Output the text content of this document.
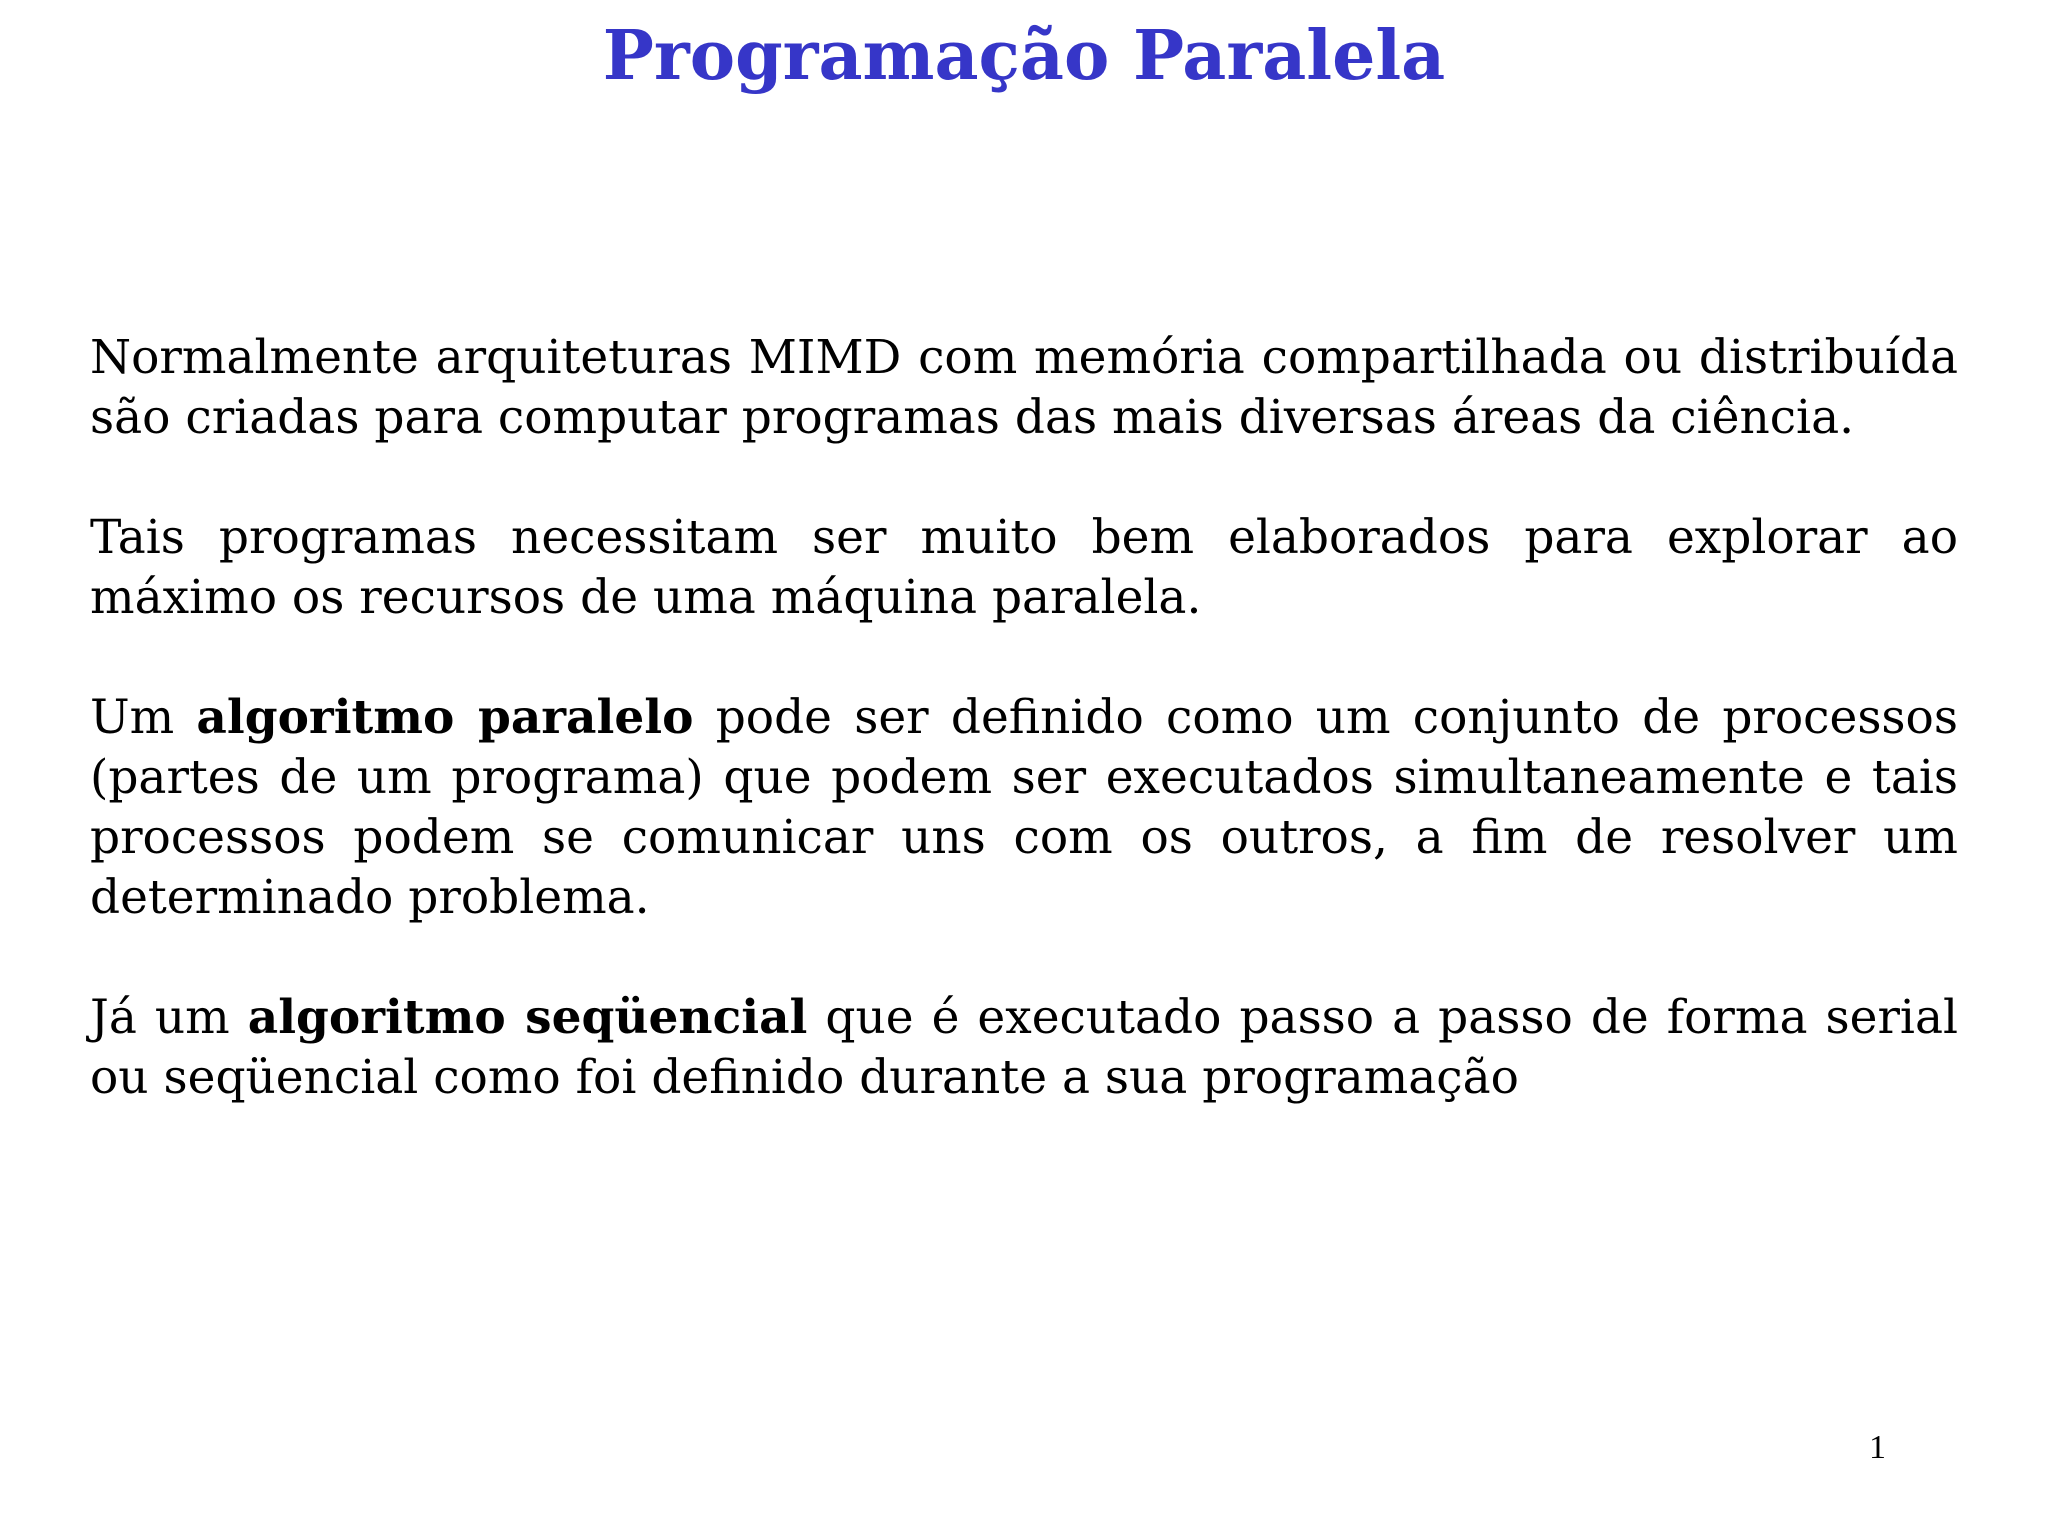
Programação Paralela

Normalmente arquiteturas MIMD com memória compartilhada ou distribuída são criadas para computar programas das mais diversas áreas da ciência.

Tais programas necessitam ser muito bem elaborados para explorar ao máximo os recursos de uma máquina paralela.

Um algoritmo paralelo pode ser definido como um conjunto de processos (partes de um programa) que podem ser executados simultaneamente e tais processos podem se comunicar uns com os outros, a fim de resolver um determinado problema.

Já um algoritmo seqüencial que é executado passo a passo de forma serial ou seqüencial como foi definido durante a sua programação

1
